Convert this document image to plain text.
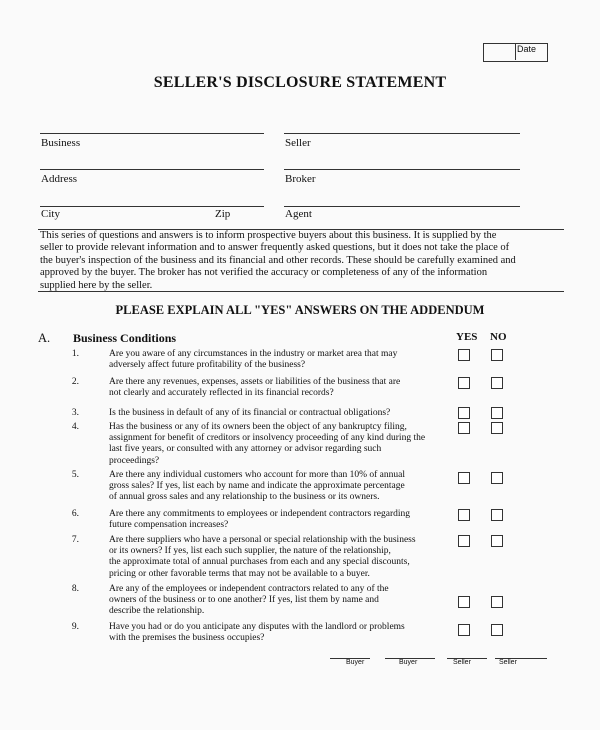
Date
SELLER'S DISCLOSURE STATEMENT
Business	Seller
Address	Broker
City	Zip	Agent
This series of questions and answers is to inform prospective buyers about this business. It is supplied by the
seller to provide relevant information and to answer frequently asked questions, but it does not take the place of
the buyer's inspection of the business and its financial and other records. These should be carefully examined and
approved by the buyer. The broker has not verified the accuracy or completeness of any of the information
supplied here by the seller.
PLEASE EXPLAIN ALL "YES" ANSWERS ON THE ADDENDUM
A. Business Conditions	YES NO
1.	Are you aware of any circumstances in the industry or market area that may
adversely affect future profitability of the business?
2.	Are there any revenues, expenses, assets or liabilities of the business that are
not clearly and accurately reflected in its financial records?
3.	Is the business in default of any of its financial or contractual obligations?
4.	Has the business or any of its owners been the object of any bankruptcy filing,
assignment for benefit of creditors or insolvency proceeding of any kind during the
last five years, or consulted with any attorney or advisor regarding such
proceedings?
5.	Are there any individual customers who account for more than 10% of annual
gross sales? If yes, list each by name and indicate the approximate percentage
of annual gross sales and any relationship to the business or its owners.
6.	Are there any commitments to employees or independent contractors regarding
future compensation increases?
7.	Are there suppliers who have a personal or special relationship with the business
or its owners? If yes, list each such supplier, the nature of the relationship,
the approximate total of annual purchases from each and any special discounts,
pricing or other favorable terms that may not be available to a buyer.
8.	Are any of the employees or independent contractors related to any of the
owners of the business or to one another? If yes, list them by name and
describe the relationship.
9.	Have you had or do you anticipate any disputes with the landlord or problems
with the premises the business occupies?
Buyer	Buyer	Seller	Seller
